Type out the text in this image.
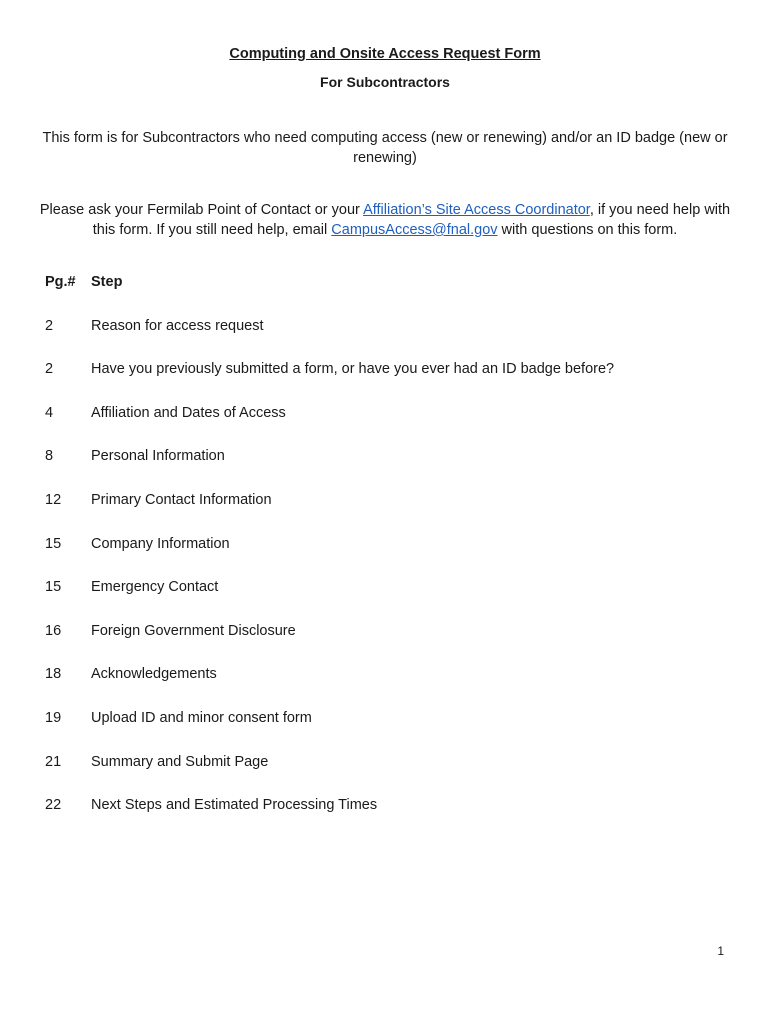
Computing and Onsite Access Request Form
For Subcontractors
This form is for Subcontractors who need computing access (new or renewing) and/or an ID badge (new or renewing)
Please ask your Fermilab Point of Contact or your Affiliation’s Site Access Coordinator, if you need help with this form. If you still need help, email CampusAccess@fnal.gov with questions on this form.
Pg.# Step
2	Reason for access request
2	Have you previously submitted a form, or have you ever had an ID badge before?
4	Affiliation and Dates of Access
8	Personal Information
12 Primary Contact Information
15 Company Information
15 Emergency Contact
16 Foreign Government Disclosure
18 Acknowledgements
19 Upload ID and minor consent form
21 Summary and Submit Page
22 Next Steps and Estimated Processing Times
1
